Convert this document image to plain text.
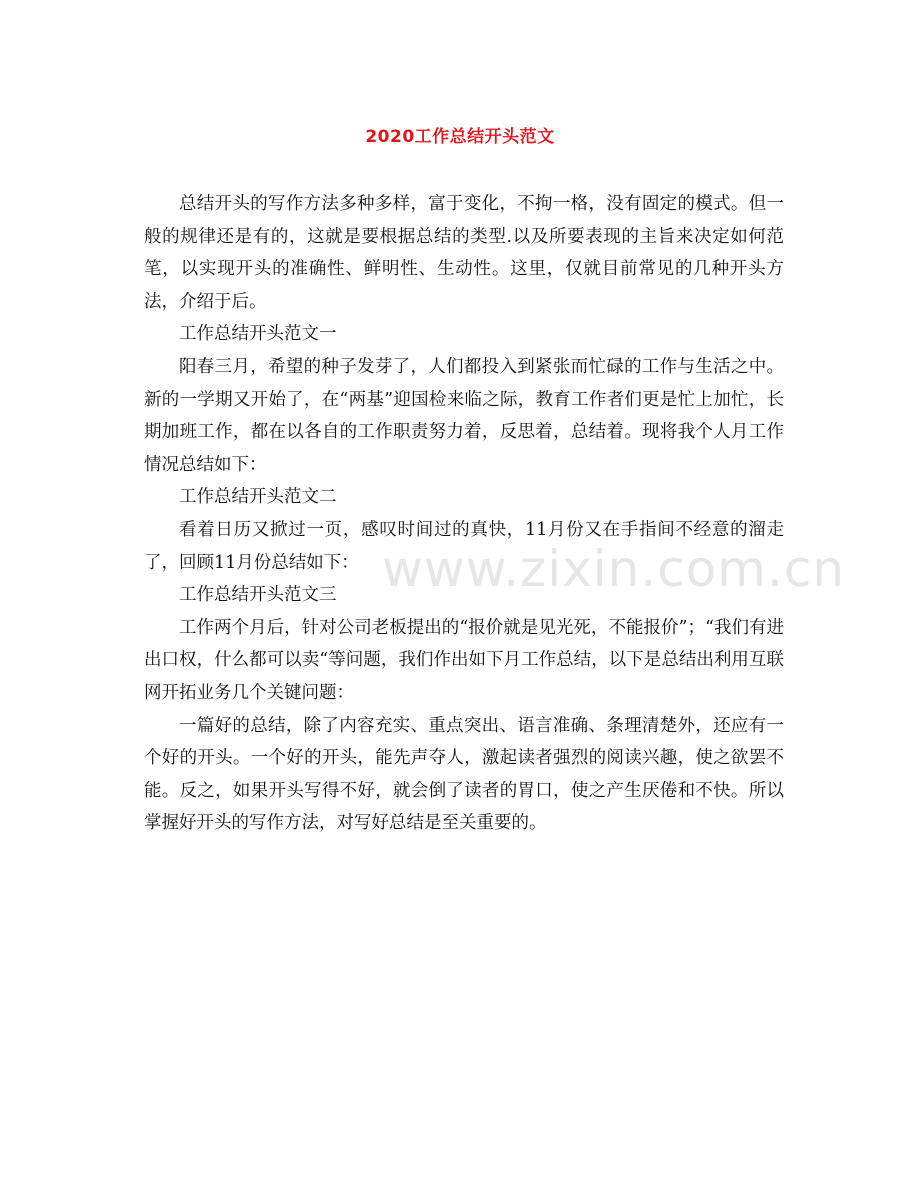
www.zixin.com.cn
2020工作总结开头范文

总结开头的写作方法多种多样，富于变化，不拘一格，没有固定的模式。但一般的规律还是有的，这就是要根据总结的类型.以及所要表现的主旨来决定如何范笔，以实现开头的准确性、鲜明性、生动性。这里，仅就目前常见的几种开头方法，介绍于后。

工作总结开头范文一

阳春三月，希望的种子发芽了，人们都投入到紧张而忙碌的工作与生活之中。新的一学期又开始了，在“两基”迎国检来临之际，教育工作者们更是忙上加忙，长期加班工作，都在以各自的工作职责努力着，反思着，总结着。现将我个人月工作情况总结如下：

工作总结开头范文二

看着日历又掀过一页，感叹时间过的真快，11月份又在手指间不经意的溜走了，回顾11月份总结如下：

工作总结开头范文三

工作两个月后，针对公司老板提出的“报价就是见光死，不能报价”；“我们有进出口权，什么都可以卖“等问题，我们作出如下月工作总结，以下是总结出利用互联网开拓业务几个关键问题：

一篇好的总结，除了内容充实、重点突出、语言准确、条理清楚外，还应有一个好的开头。一个好的开头，能先声夺人，激起读者强烈的阅读兴趣，使之欲罢不能。反之，如果开头写得不好，就会倒了读者的胃口，使之产生厌倦和不快。所以掌握好开头的写作方法，对写好总结是至关重要的。
